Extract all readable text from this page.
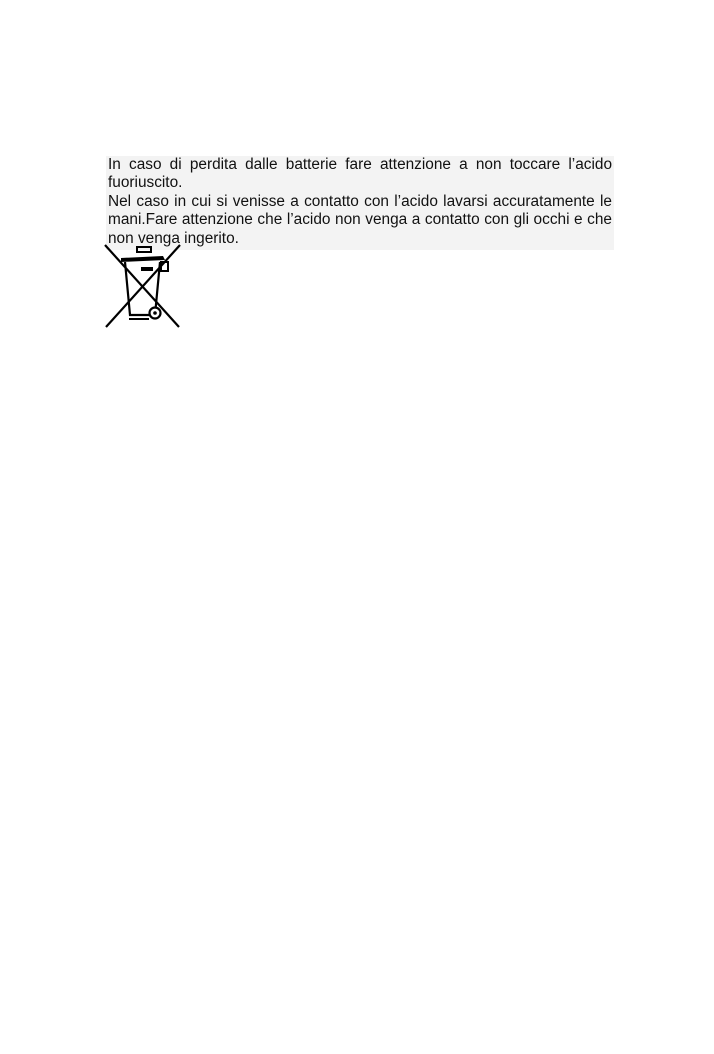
In caso di perdita dalle batterie fare attenzione a non toccare l’acido fuoriuscito.

Nel caso in cui si venisse a contatto con l’acido lavarsi accuratamente le mani.Fare attenzione che l’acido non venga a contatto con gli occhi e che non venga ingerito.
